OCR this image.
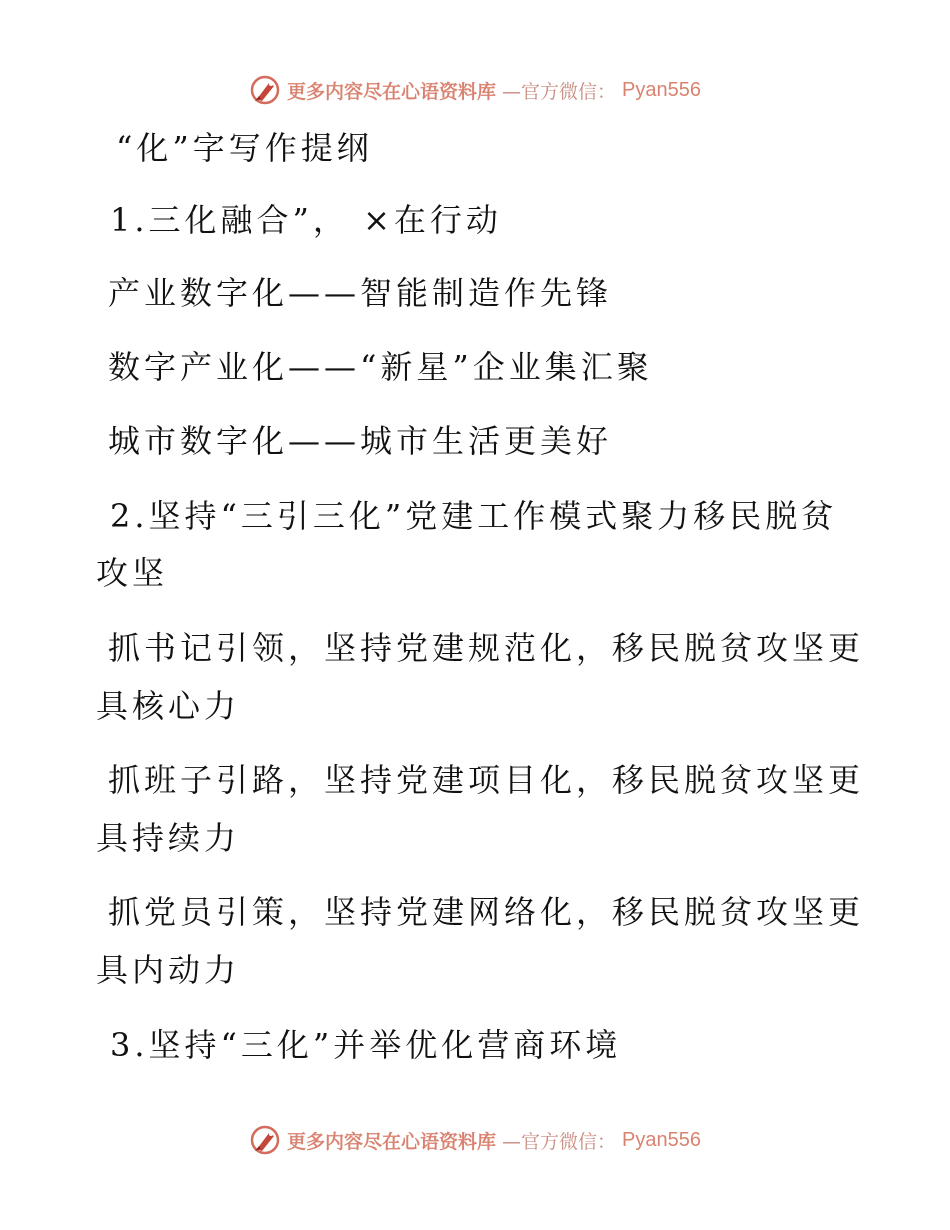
更多内容尽在心语资料库 —官方微信： Pyan556
“化”字写作提纲
1.三化融合”， ×在行动
产业数字化——智能制造作先锋
数字产业化——“新星”企业集汇聚
城市数字化——城市生活更美好
2.坚持“三引三化”党建工作模式聚力移民脱贫
攻坚
抓书记引领，坚持党建规范化，移民脱贫攻坚更
具核心力
抓班子引路，坚持党建项目化，移民脱贫攻坚更
具持续力
抓党员引策，坚持党建网络化，移民脱贫攻坚更
具内动力
3.坚持“三化”并举优化营商环境
更多内容尽在心语资料库 —官方微信： Pyan556
